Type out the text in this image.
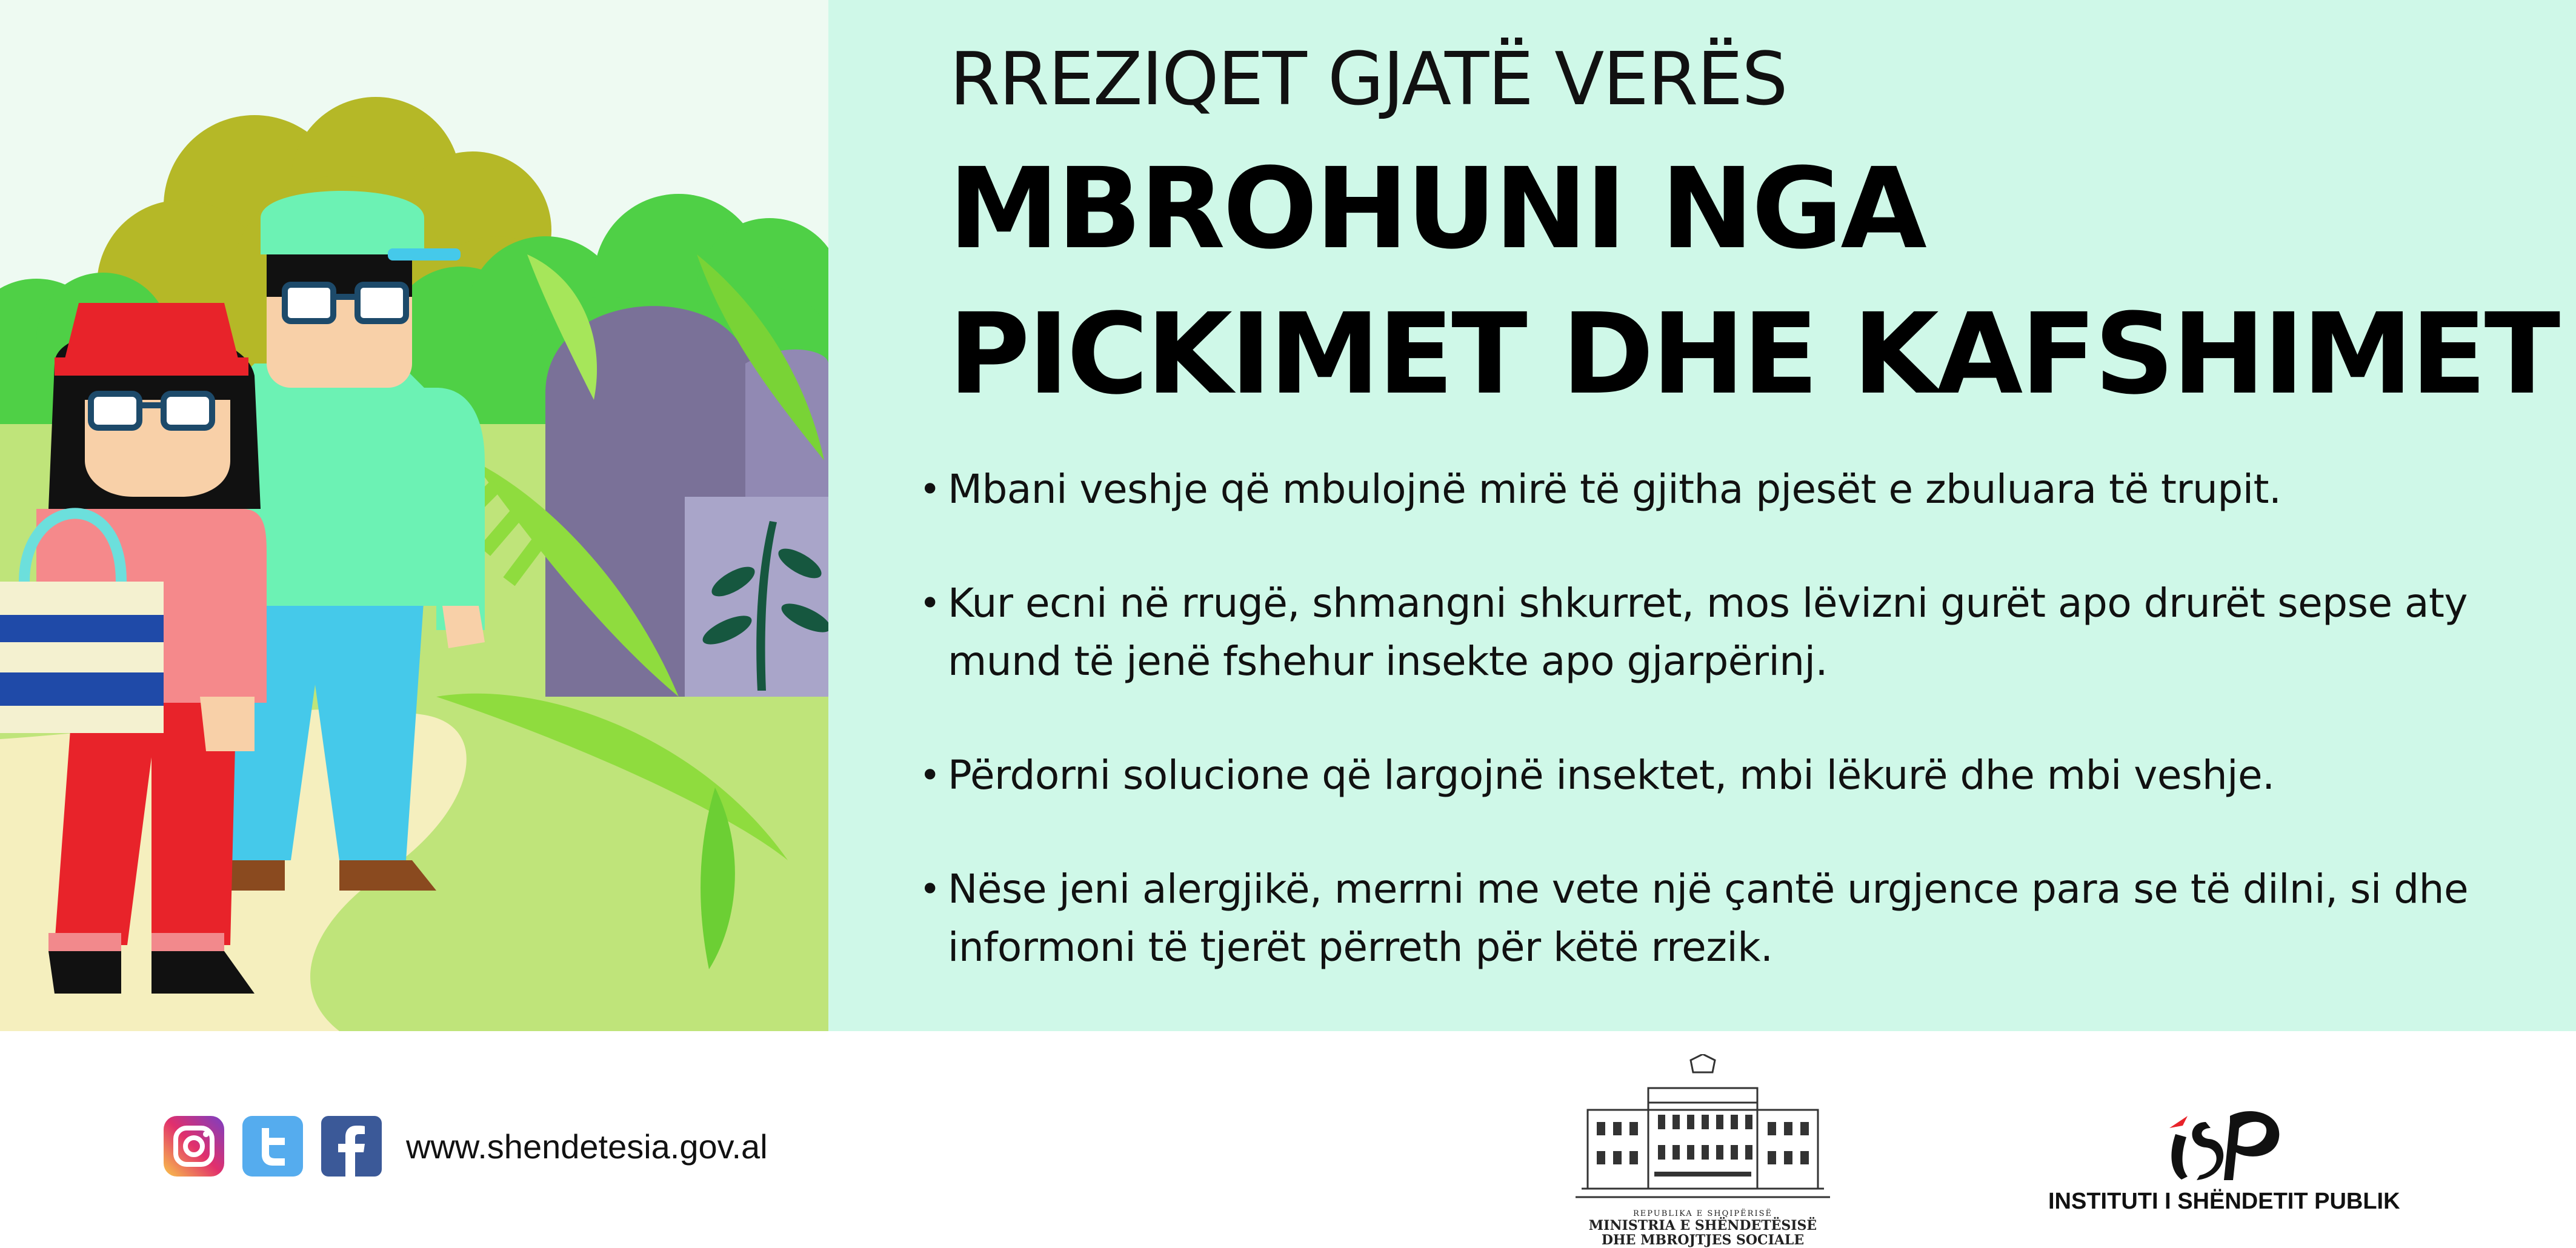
RREZIQET GJATË VERËS
MBROHUNI NGA
PICKIMET DHE KAFSHIMET
• Mbani veshje që mbulojnë mirë të gjitha pjesët e zbuluara të trupit.
• Kur ecni në rrugë, shmangni shkurret, mos lëvizni gurët apo drurët sepse aty mund të jenë fshehur insekte apo gjarpërinj.
• Përdorni solucione që largojnë insektet, mbi lëkurë dhe mbi veshje.
• Nëse jeni alergjikë, merrni me vete një çantë urgjence para se të dilni, si dhe informoni të tjerët përreth për këtë rrezik.
www.shendetesia.gov.al
REPUBLIKA E SHQIPËRISË
MINISTRIA E SHËNDETËSISË
DHE MBROJTJES SOCIALE
INSTITUTI I SHËNDETIT PUBLIK
